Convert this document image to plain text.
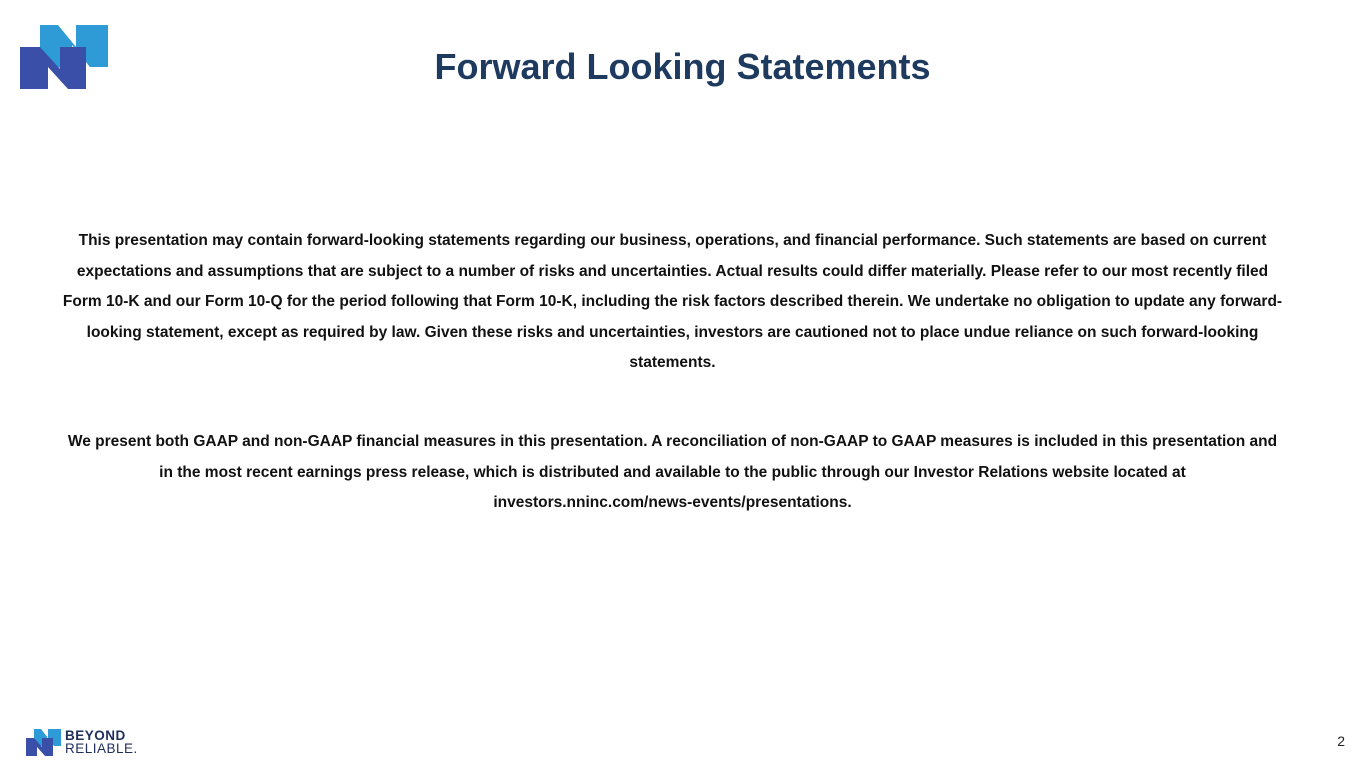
Forward Looking Statements

This presentation may contain forward-looking statements regarding our business, operations, and financial performance. Such statements are based on current expectations and assumptions that are subject to a number of risks and uncertainties. Actual results could differ materially. Please refer to our most recently filed Form 10-K and our Form 10-Q for the period following that Form 10-K, including the risk factors described therein. We undertake no obligation to update any forward-looking statement, except as required by law. Given these risks and uncertainties, investors are cautioned not to place undue reliance on such forward-looking statements.

We present both GAAP and non-GAAP financial measures in this presentation. A reconciliation of non-GAAP to GAAP measures is included in this presentation and in the most recent earnings press release, which is distributed and available to the public through our Investor Relations website located at investors.nninc.com/news-events/presentations.

BEYOND
RELIABLE.	2
